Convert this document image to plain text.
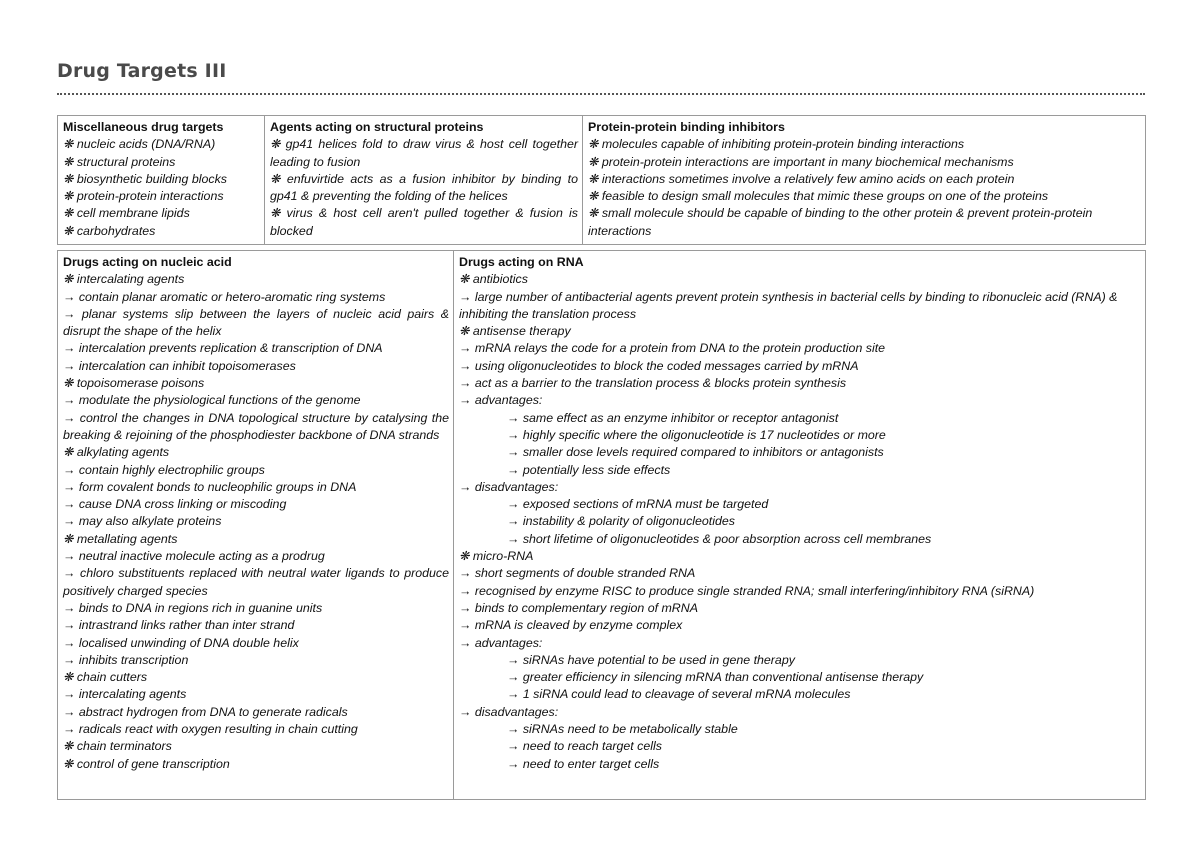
Drug Targets III
Miscellaneous drug targets
❋ nucleic acids (DNA/RNA)
❋ structural proteins
❋ biosynthetic building blocks
❋ protein-protein interactions
❋ cell membrane lipids
❋ carbohydrates

Agents acting on structural proteins
❋ gp41 helices fold to draw virus & host cell together leading to fusion
❋ enfuvirtide acts as a fusion inhibitor by binding to gp41 & preventing the folding of the helices
❋ virus & host cell aren't pulled together & fusion is blocked

Protein-protein binding inhibitors
❋ molecules capable of inhibiting protein-protein binding interactions
❋ protein-protein interactions are important in many biochemical mechanisms
❋ interactions sometimes involve a relatively few amino acids on each protein
❋ feasible to design small molecules that mimic these groups on one of the proteins
❋ small molecule should be capable of binding to the other protein & prevent protein-protein interactions
Drugs acting on nucleic acid
❋ intercalating agents
→ contain planar aromatic or hetero-aromatic ring systems
→ planar systems slip between the layers of nucleic acid pairs & disrupt the shape of the helix
→ intercalation prevents replication & transcription of DNA
→ intercalation can inhibit topoisomerases
❋ topoisomerase poisons
→ modulate the physiological functions of the genome
→ control the changes in DNA topological structure by catalysing the breaking & rejoining of the phosphodiester backbone of DNA strands
❋ alkylating agents
→ contain highly electrophilic groups
→ form covalent bonds to nucleophilic groups in DNA
→ cause DNA cross linking or miscoding
→ may also alkylate proteins
❋ metallating agents
→ neutral inactive molecule acting as a prodrug
→ chloro substituents replaced with neutral water ligands to produce positively charged species
→ binds to DNA in regions rich in guanine units
→ intrastrand links rather than inter strand
→ localised unwinding of DNA double helix
→ inhibits transcription
❋ chain cutters
→ intercalating agents
→ abstract hydrogen from DNA to generate radicals
→ radicals react with oxygen resulting in chain cutting
❋ chain terminators
❋ control of gene transcription

Drugs acting on RNA
❋ antibiotics
→ large number of antibacterial agents prevent protein synthesis in bacterial cells by binding to ribonucleic acid (RNA) & inhibiting the translation process
❋ antisense therapy
→ mRNA relays the code for a protein from DNA to the protein production site
→ using oligonucleotides to block the coded messages carried by mRNA
→ act as a barrier to the translation process & blocks protein synthesis
→ advantages:
→ same effect as an enzyme inhibitor or receptor antagonist
→ highly specific where the oligonucleotide is 17 nucleotides or more
→ smaller dose levels required compared to inhibitors or antagonists
→ potentially less side effects
→ disadvantages:
→ exposed sections of mRNA must be targeted
→ instability & polarity of oligonucleotides
→ short lifetime of oligonucleotides & poor absorption across cell membranes
❋ micro-RNA
→ short segments of double stranded RNA
→ recognised by enzyme RISC to produce single stranded RNA; small interfering/inhibitory RNA (siRNA)
→ binds to complementary region of mRNA
→ mRNA is cleaved by enzyme complex
→ advantages:
→ siRNAs have potential to be used in gene therapy
→ greater efficiency in silencing mRNA than conventional antisense therapy
→ 1 siRNA could lead to cleavage of several mRNA molecules
→ disadvantages:
→ siRNAs need to be metabolically stable
→ need to reach target cells
→ need to enter target cells
